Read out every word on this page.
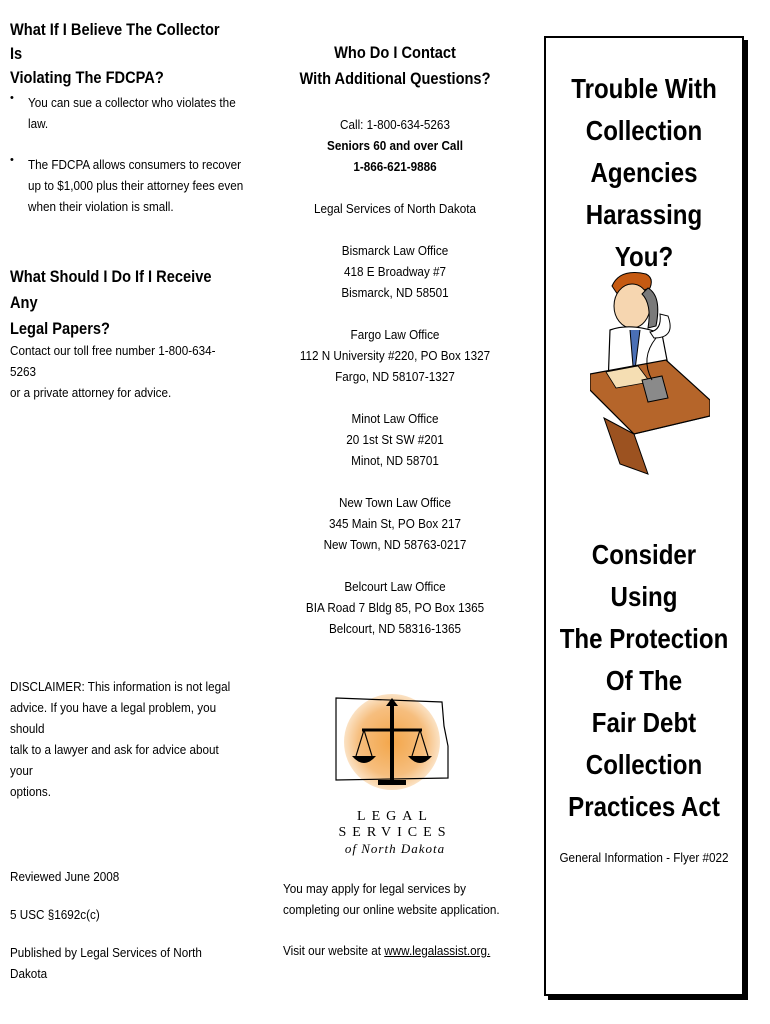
What If I Believe The Collector Is

Violating The FDCPA?

• You can sue a collector who violates the

law.

• The FDCPA allows consumers to recover

up to $1,000 plus their attorney fees even

when their violation is small.

What Should I Do If I Receive Any

Legal Papers?

Contact our toll free number 1-800-634-5263

or a private attorney for advice.

DISCLAIMER: This information is not legal

advice. If you have a legal problem, you should

talk to a lawyer and ask for advice about your

options.

Reviewed June 2008

5 USC §1692c(c)

Published by Legal Services of North Dakota

Who Do I Contact

With Additional Questions?

Call: 1-800-634-5263

Seniors 60 and over Call

1-866-621-9886

Legal Services of North Dakota

Bismarck Law Office

418 E Broadway #7

Bismarck, ND 58501

Fargo Law Office

112 N University #220, PO Box 1327

Fargo, ND 58107-1327

Minot Law Office

20 1st St SW #201

Minot, ND 58701

New Town Law Office

345 Main St, PO Box 217

New Town, ND 58763-0217

Belcourt Law Office

BIA Road 7 Bldg 85, PO Box 1365

Belcourt, ND 58316-1365

LEGAL SERVICES
of North Dakota

You may apply for legal services by

completing our online website application.

Visit our website at www.legalassist.org.

Trouble With

Collection

Agencies

Harassing You?

Consider Using

The Protection

Of The

Fair Debt

Collection

Practices Act

General Information - Flyer #022
